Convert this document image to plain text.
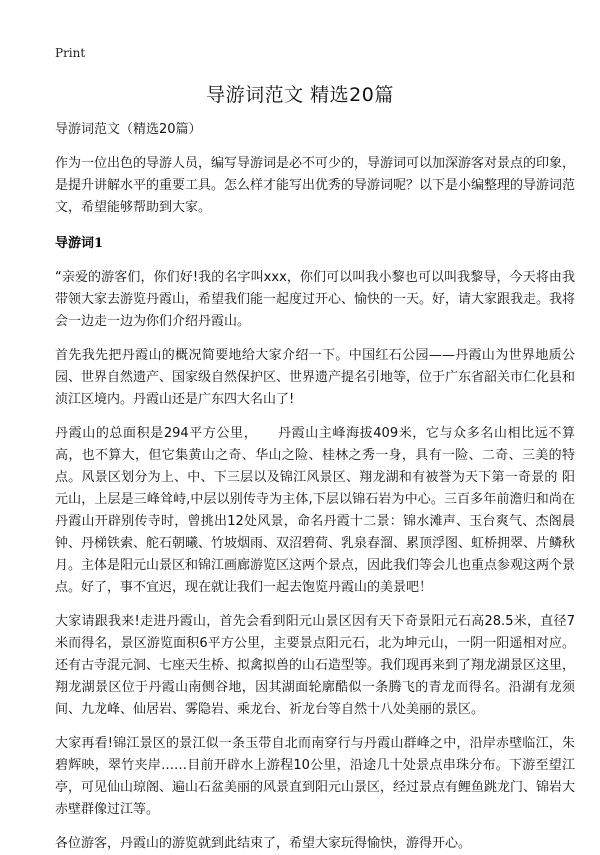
Print
导游词范文 精选20篇

导游词范文（精选20篇）

作为一位出色的导游人员，编写导游词是必不可少的，导游词可以加深游客对景点的印象，是提升讲解水平的重要工具。怎么样才能写出优秀的导游词呢？以下是小编整理的导游词范文，希望能够帮助到大家。

导游词1

“亲爱的游客们，你们好!我的名字叫xxx，你们可以叫我小黎也可以叫我黎导，今天将由我带领大家去游览丹霞山，希望我们能一起度过开心、愉快的一天。好，请大家跟我走。我将会一边走一边为你们介绍丹霞山。

首先我先把丹霞山的概况简要地给大家介绍一下。中国红石公园——丹霞山为世界地质公园、世界自然遗产、国家级自然保护区、世界遗产提名引地等，位于广东省韶关市仁化县和浈江区境内。丹霞山还是广东四大名山了!

丹霞山的总面积是294平方公里，　　丹霞山主峰海拔409米，它与众多名山相比远不算高，也不算大，但它集黄山之奇、华山之险、桂林之秀一身，具有一险、二奇、三美的特点。风景区划分为上、中、下三层以及锦江风景区、翔龙湖和有被誉为天下第一奇景的 阳元山，上层是三峰耸峙,中层以别传寺为主体,下层以锦石岩为中心。三百多年前澹归和尚在丹霞山开辟别传寺时，曾挑出12处风景，命名丹霞十二景：锦水滩声、玉台爽气、杰阁晨钟、丹梯铁索、舵石朝曦、竹坡烟雨、双沼碧荷、乳泉春溜、累顶浮图、虹桥拥翠、片鳞秋月。主体是阳元山景区和锦江画廊游览区这两个景点，因此我们等会儿也重点参观这两个景点。好了，事不宜迟，现在就让我们一起去饱览丹霞山的美景吧！

大家请跟我来!走进丹霞山，首先会看到阳元山景区因有天下奇景阳元石高28.5米，直径7米而得名，景区游览面积6平方公里，主要景点阳元石，北为坤元山，一阴一阳遥相对应。还有古寺混元洞、七座天生桥、拟禽拟兽的山石造型等。我们现再来到了翔龙湖景区这里，翔龙湖景区位于丹霞山南侧谷地，因其湖面轮廓酷似一条腾飞的青龙而得名。沿湖有龙须间、九龙峰、仙居岩、雾隐岩、乘龙台、祈龙台等自然十八处美丽的景区。

大家再看!锦江景区的景江似一条玉带自北而南穿行与丹霞山群峰之中，沿岸赤壁临江，朱碧辉映，翠竹夹岸……目前开辟水上游程10公里，沿途几十处景点串珠分布。下游至望江亭，可见仙山琼阁、遍山石盆美丽的风景直到阳元山景区，经过景点有鲤鱼跳龙门、锦岩大赤壁群像过江等。

各位游客，丹霞山的游览就到此结束了，希望大家玩得愉快，游得开心。
